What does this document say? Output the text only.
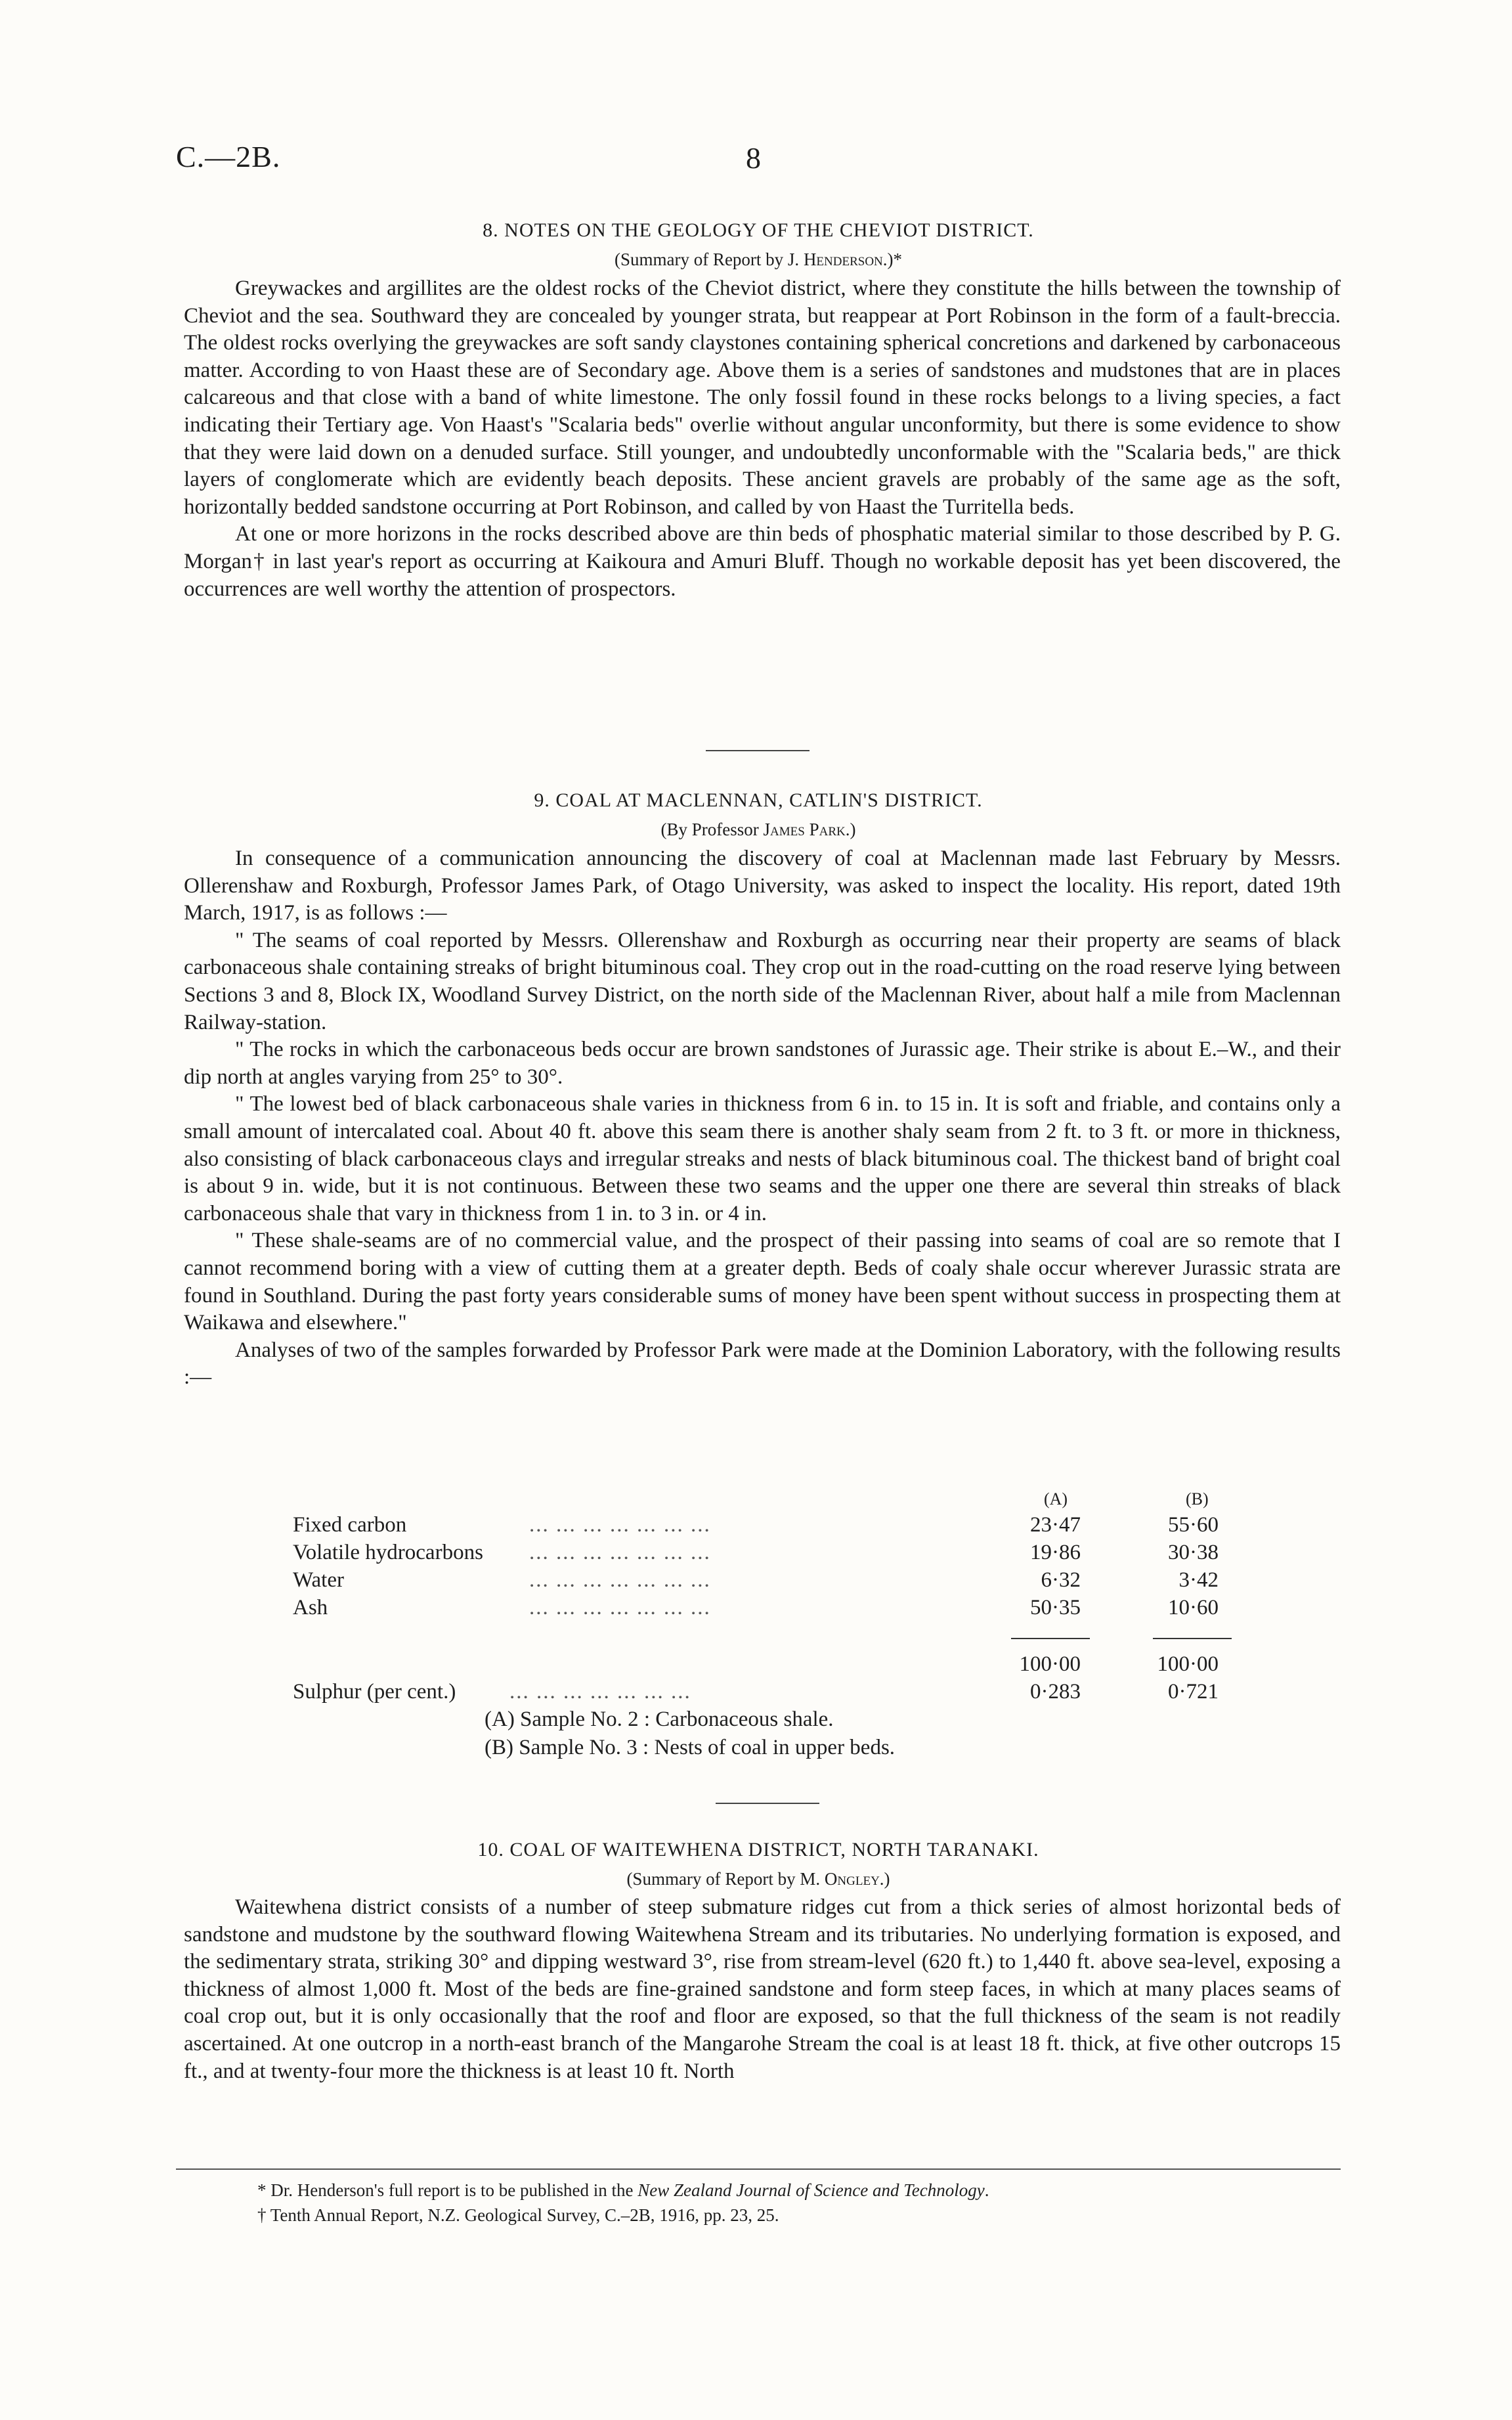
C.—2B.	8
8. NOTES ON THE GEOLOGY OF THE CHEVIOT DISTRICT.
(Summary of Report by J. Henderson.)*

Greywackes and argillites are the oldest rocks of the Cheviot district, where they constitute the hills between the township of Cheviot and the sea. Southward they are concealed by younger strata, but reappear at Port Robinson in the form of a fault-breccia. The oldest rocks overlying the greywackes are soft sandy claystones containing spherical concretions and darkened by carbonaceous matter. According to von Haast these are of Secondary age. Above them is a series of sandstones and mudstones that are in places calcareous and that close with a band of white limestone. The only fossil found in these rocks belongs to a living species, a fact indicating their Tertiary age. Von Haast's "Scalaria beds" overlie without angular unconformity, but there is some evidence to show that they were laid down on a denuded surface. Still younger, and undoubtedly unconformable with the "Scalaria beds," are thick layers of conglomerate which are evidently beach deposits. These ancient gravels are probably of the same age as the soft, horizontally bedded sandstone occurring at Port Robinson, and called by von Haast the Turritella beds.

At one or more horizons in the rocks described above are thin beds of phosphatic material similar to those described by P. G. Morgan† in last year's report as occurring at Kaikoura and Amuri Bluff. Though no workable deposit has yet been discovered, the occurrences are well worthy the attention of prospectors.

9. COAL AT MACLENNAN, CATLIN'S DISTRICT.
(By Professor James Park.)

In consequence of a communication announcing the discovery of coal at Maclennan made last February by Messrs. Ollerenshaw and Roxburgh, Professor James Park, of Otago University, was asked to inspect the locality. His report, dated 19th March, 1917, is as follows :—

" The seams of coal reported by Messrs. Ollerenshaw and Roxburgh as occurring near their property are seams of black carbonaceous shale containing streaks of bright bituminous coal. They crop out in the road-cutting on the road reserve lying between Sections 3 and 8, Block IX, Woodland Survey District, on the north side of the Maclennan River, about half a mile from Maclennan Railway-station.

" The rocks in which the carbonaceous beds occur are brown sandstones of Jurassic age. Their strike is about E.–W., and their dip north at angles varying from 25° to 30°.

" The lowest bed of black carbonaceous shale varies in thickness from 6 in. to 15 in. It is soft and friable, and contains only a small amount of intercalated coal. About 40 ft. above this seam there is another shaly seam from 2 ft. to 3 ft. or more in thickness, also consisting of black carbonaceous clays and irregular streaks and nests of black bituminous coal. The thickest band of bright coal is about 9 in. wide, but it is not continuous. Between these two seams and the upper one there are several thin streaks of black carbonaceous shale that vary in thickness from 1 in. to 3 in. or 4 in.

" These shale-seams are of no commercial value, and the prospect of their passing into seams of coal are so remote that I cannot recommend boring with a view of cutting them at a greater depth. Beds of coaly shale occur wherever Jurassic strata are found in Southland. During the past forty years considerable sums of money have been spent without success in prospecting them at Waikawa and elsewhere."

Analyses of two of the samples forwarded by Professor Park were made at the Dominion Laboratory, with the following results :—

(A)	(B)
Fixed carbon	... ... ... ... ... ... ...	23·47	55·60
Volatile hydrocarbons ... ... ... ... ... ... ...	19·86	30·38
Water	... ... ... ... ... ... ...	6·32	3·42
Ash	... ... ... ... ... ... ...	50·35	10·60
100·00	100·00
Sulphur (per cent.) ... ... ... ... ... ... ...	0·283	0·721
(A) Sample No. 2 : Carbonaceous shale.
(B) Sample No. 3 : Nests of coal in upper beds.
10. COAL OF WAITEWHENA DISTRICT, NORTH TARANAKI.
(Summary of Report by M. Ongley.)

Waitewhena district consists of a number of steep submature ridges cut from a thick series of almost horizontal beds of sandstone and mudstone by the southward flowing Waitewhena Stream and its tributaries. No underlying formation is exposed, and the sedimentary strata, striking 30° and dipping westward 3°, rise from stream-level (620 ft.) to 1,440 ft. above sea-level, exposing a thickness of almost 1,000 ft. Most of the beds are fine-grained sandstone and form steep faces, in which at many places seams of coal crop out, but it is only occasionally that the roof and floor are exposed, so that the full thickness of the seam is not readily ascertained. At one outcrop in a north-east branch of the Mangarohe Stream the coal is at least 18 ft. thick, at five other outcrops 15 ft., and at twenty-four more the thickness is at least 10 ft. North

* Dr. Henderson's full report is to be published in the New Zealand Journal of Science and Technology.
† Tenth Annual Report, N.Z. Geological Survey, C.–2B, 1916, pp. 23, 25.
